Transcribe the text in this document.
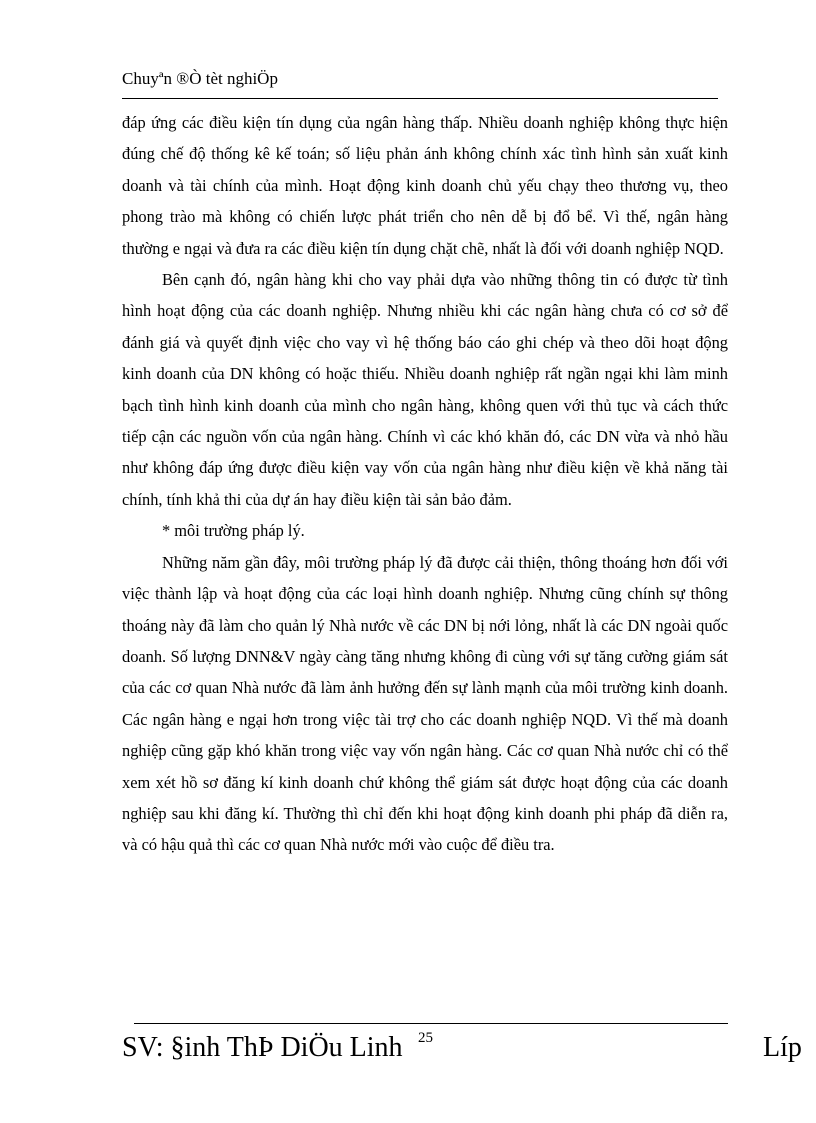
Chuyªn ®Ò tèt nghiÖp

đáp ứng các điều kiện tín dụng của ngân hàng thấp. Nhiều doanh nghiệp không thực hiện đúng chế độ thống kê kế toán; số liệu phản ánh không chính xác tình hình sản xuất kinh doanh và tài chính của mình. Hoạt động kinh doanh chủ yếu chạy theo thương vụ, theo phong trào mà không có chiến lược phát triển cho nên dễ bị đổ bể. Vì thế, ngân hàng thường e ngại và đưa ra các điều kiện tín dụng chặt chẽ, nhất là đối với doanh nghiệp NQD.

Bên cạnh đó, ngân hàng khi cho vay phải dựa vào những thông tin có được từ tình hình hoạt động của các doanh nghiệp. Nhưng nhiều khi các ngân hàng chưa có cơ sở để đánh giá và quyết định việc cho vay vì hệ thống báo cáo ghi chép và theo dõi hoạt động kinh doanh của DN không có hoặc thiếu. Nhiều doanh nghiệp rất ngần ngại khi làm minh bạch tình hình kinh doanh của mình cho ngân hàng, không quen với thủ tục và cách thức tiếp cận các nguồn vốn của ngân hàng. Chính vì các khó khăn đó, các DN vừa và nhỏ hầu như không đáp ứng được điều kiện vay vốn của ngân hàng như điều kiện về khả năng tài chính, tính khả thi của dự án hay điều kiện tài sản bảo đảm.

* môi trường pháp lý.

Những năm gần đây, môi trường pháp lý đã được cải thiện, thông thoáng hơn đối với việc thành lập và hoạt động của các loại hình doanh nghiệp. Nhưng cũng chính sự thông thoáng này đã làm cho quản lý Nhà nước về các DN bị nới lỏng, nhất là các DN ngoài quốc doanh. Số lượng DNN&V ngày càng tăng nhưng không đi cùng với sự tăng cường giám sát của các cơ quan Nhà nước đã làm ảnh hưởng đến sự lành mạnh của môi trường kinh doanh. Các ngân hàng e ngại hơn trong việc tài trợ cho các doanh nghiệp NQD. Vì thế mà doanh nghiệp cũng gặp khó khăn trong việc vay vốn ngân hàng. Các cơ quan Nhà nước chỉ có thể xem xét hồ sơ đăng kí kinh doanh chứ không thể giám sát được hoạt động của các doanh nghiệp sau khi đăng kí. Thường thì chỉ đến khi hoạt động kinh doanh phi pháp đã diễn ra, và có hậu quả thì các cơ quan Nhà nước mới vào cuộc để điều tra.

SV: §inh ThÞ DiÖu Linh 25	Líp
